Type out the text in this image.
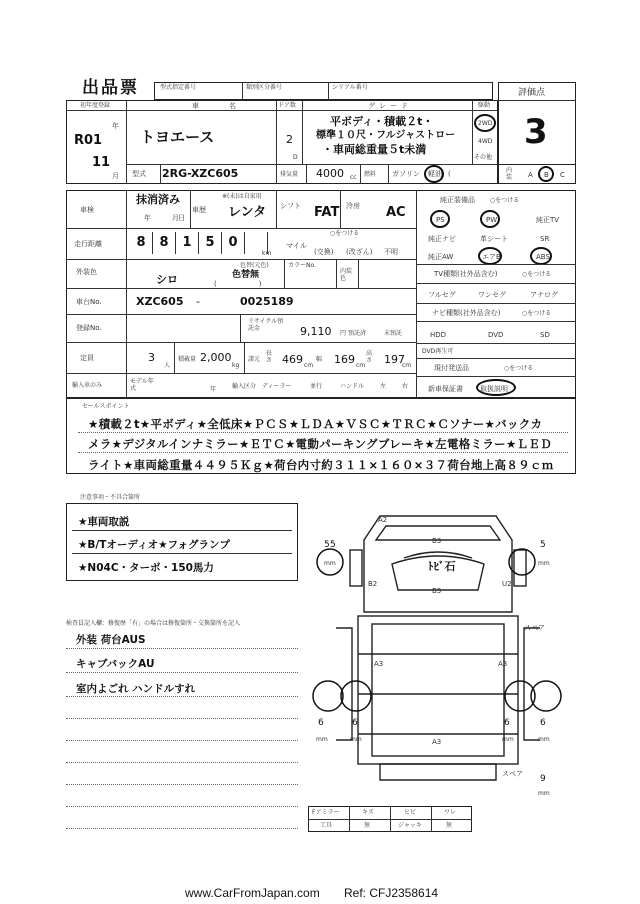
出品票	型式指定番号	類別区分番号	シリアル番号
評価点
3
初年度登録
R01
年
11
月
車名
トヨエース
ドア数
2
D
グレード
平ボディ・積載２t・
標準１０尺・フルジャストロー
・車両総重量５t未満
駆動
2WD
4WD
その他
型式 2RG-XZC605	排気量 4000 cc 燃料 ガソリン 軽油 (	内装	A B C
車検
抹消済み
年　　　月 日
車歴
※(未)は自家用
レンタ シフト FAT 冷房 AC
走行距離	8	8	1	5	0
km
○をつける
マイル
(交換) (改ざん) 不明
外装色
シロ
色替(元色)
色替無
(　　　　　　)
カラーNo.
内装色
車台No.	XZC605 -	0025189
登録No.
リサイクル預託金	9,110 円 預託済	未預託
定員	3
人
積載量 2,000
kg
諸元
長さ 469 cm
幅 169 cm
高さ 197
cm
輸入車のみ
モデル年式	年	輸入区分 ディーラー	並行	ハンドル	左	右
純正装備品	○をつける
PS	PW	純正TV
純正ナビ	革シート	SR
純正AW	エアB	ABS
TV種類(社外品含む)	○をつける
フルセグ	ワンセグ	アナログ
ナビ種類(社外品含む)	○をつける
HDD	DVD	SD
DVD再生可
現付発送品	○をつける
新車保証書 取扱説明
セールスポイント
★積載２t★平ボディ★全低床★ＰＣＳ★ＬＤＡ★ＶＳＣ★ＴＲＣ★Ｃソナー★バックカ
メラ★デジタルインナミラー★ＥＴＣ★電動パーキングブレーキ★左電格ミラー★ＬＥＤ
ライト★車両総重量４４９５Ｋｇ★荷台内寸約３１１×１６０×３７荷台地上高８９ｃｍ
注意事項・不具合箇所
★車両取説
★B/Tオーディオ★フォグランプ
★N04C・ターボ・150馬力
検査員記入欄：修復歴「有」の場合は修復箇所・交換箇所を記入
外装 荷台AUS
キャブバックAU
室内よごれ ハンドルすれ
A2
B3
ﾄﾋﾞ石
B3
B2	U2
A3	A3
A3
5 5
mm
5
mm
6
mm
6
mm
6
mm
6
mm
スペア
スペア 9
mm
Fアミラー	キズ	ヒビ	ワレ
工具	無	ジャッキ	無
www.CarFromJapan.com Ref: CFJ2358614
